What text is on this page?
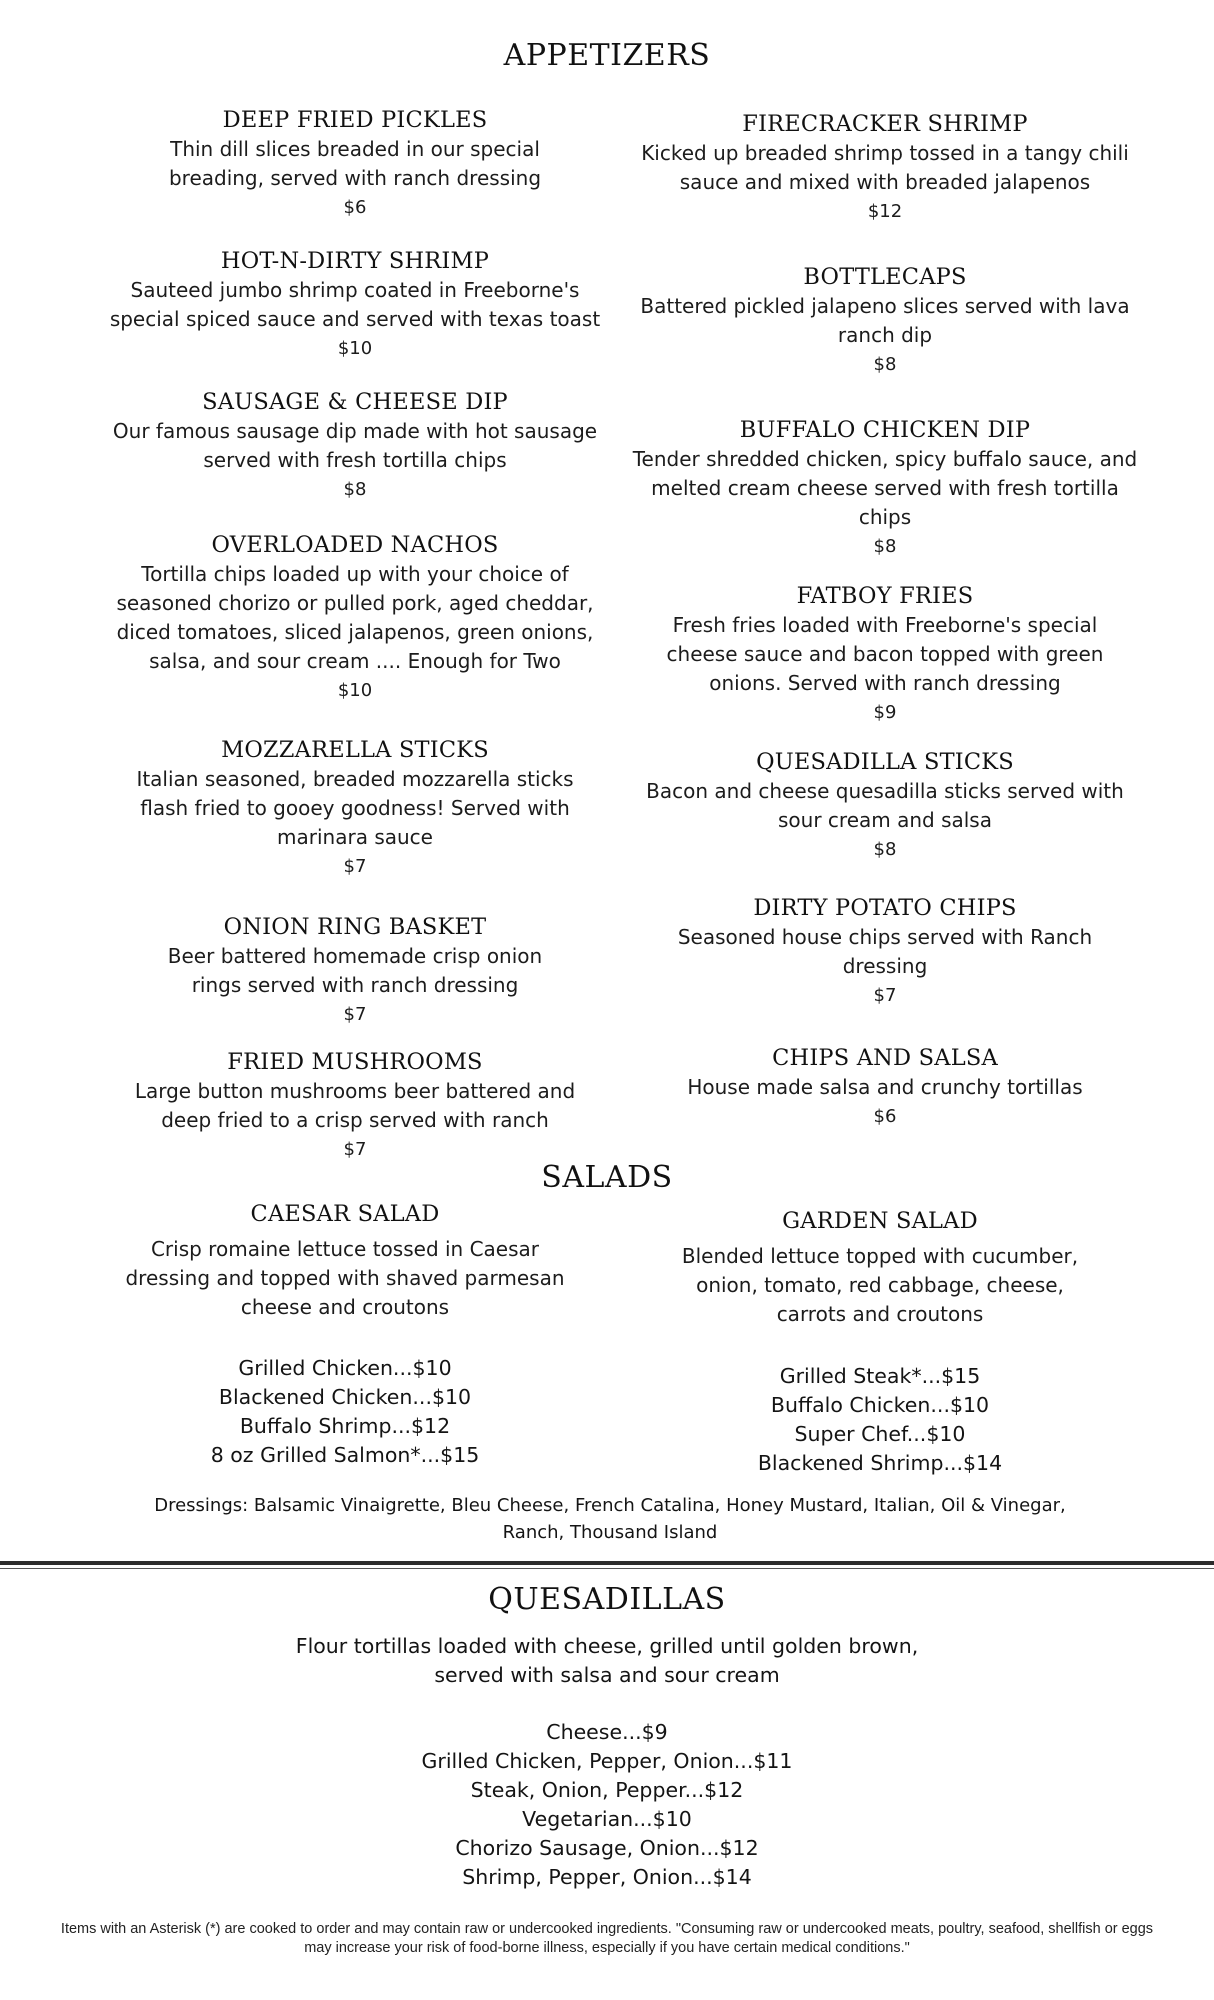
APPETIZERS
DEEP FRIED PICKLES
Thin dill slices breaded in our special breading, served with ranch dressing
$6
HOT-N-DIRTY SHRIMP
Sauteed jumbo shrimp coated in Freeborne's special spiced sauce and served with texas toast
$10
SAUSAGE & CHEESE DIP
Our famous sausage dip made with hot sausage served with fresh tortilla chips
$8
OVERLOADED NACHOS
Tortilla chips loaded up with your choice of seasoned chorizo or pulled pork, aged cheddar, diced tomatoes, sliced jalapenos, green onions, salsa, and sour cream .... Enough for Two
$10
MOZZARELLA STICKS
Italian seasoned, breaded mozzarella sticks flash fried to gooey goodness! Served with marinara sauce
$7
ONION RING BASKET
Beer battered homemade crisp onion rings served with ranch dressing
$7
FRIED MUSHROOMS
Large button mushrooms beer battered and deep fried to a crisp served with ranch
$7
FIRECRACKER SHRIMP
Kicked up breaded shrimp tossed in a tangy chili sauce and mixed with breaded jalapenos
$12
BOTTLECAPS
Battered pickled jalapeno slices served with lava ranch dip
$8
BUFFALO CHICKEN DIP
Tender shredded chicken, spicy buffalo sauce, and melted cream cheese served with fresh tortilla chips
$8
FATBOY FRIES
Fresh fries loaded with Freeborne's special cheese sauce and bacon topped with green onions. Served with ranch dressing
$9
QUESADILLA STICKS
Bacon and cheese quesadilla sticks served with sour cream and salsa
$8
DIRTY POTATO CHIPS
Seasoned house chips served with Ranch dressing
$7
CHIPS AND SALSA
House made salsa and crunchy tortillas
$6
SALADS
CAESAR SALAD
Crisp romaine lettuce tossed in Caesar dressing and topped with shaved parmesan cheese and croutons
Grilled Chicken...$10
Blackened Chicken...$10
Buffalo Shrimp...$12
8 oz Grilled Salmon*...$15
GARDEN SALAD
Blended lettuce topped with cucumber, onion, tomato, red cabbage, cheese, carrots and croutons
Grilled Steak*...$15
Buffalo Chicken...$10
Super Chef...$10
Blackened Shrimp...$14
Dressings: Balsamic Vinaigrette, Bleu Cheese, French Catalina, Honey Mustard, Italian, Oil & Vinegar, Ranch, Thousand Island
QUESADILLAS
Flour tortillas loaded with cheese, grilled until golden brown, served with salsa and sour cream
Cheese...$9
Grilled Chicken, Pepper, Onion...$11
Steak, Onion, Pepper...$12
Vegetarian...$10
Chorizo Sausage, Onion...$12
Shrimp, Pepper, Onion...$14
Items with an Asterisk (*) are cooked to order and may contain raw or undercooked ingredients. "Consuming raw or undercooked meats, poultry, seafood, shellfish or eggs may increase your risk of food-borne illness, especially if you have certain medical conditions."
